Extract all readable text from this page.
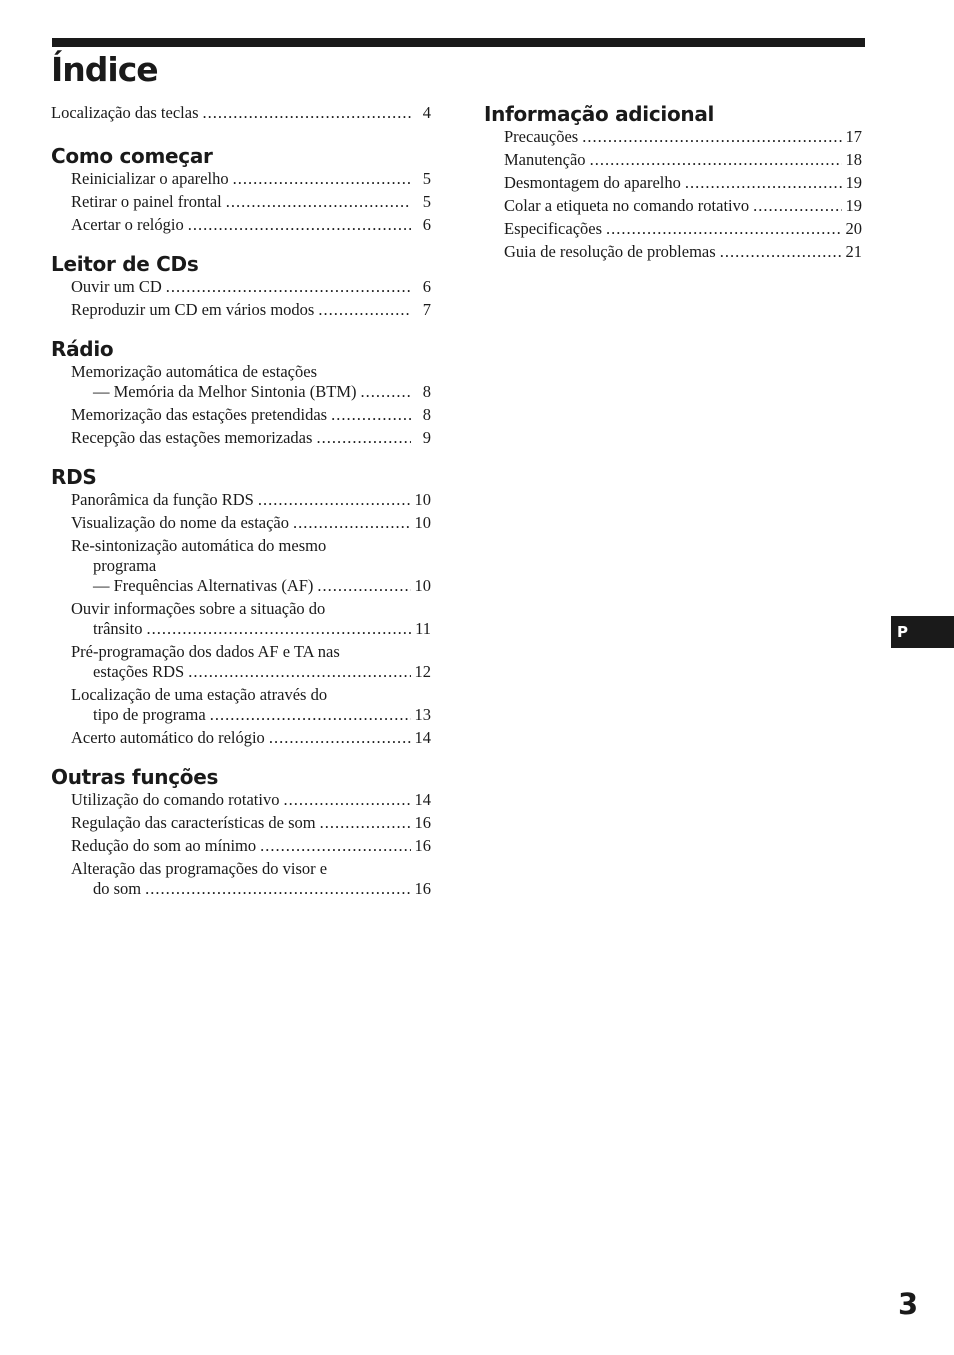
Índice
Localização das teclas .....	4
Como começar
Reinicializar o aparelho .....	5
Retirar o painel frontal .....	5
Acertar o relógio .....	6
Leitor de CDs
Ouvir um CD .....	6
Reproduzir um CD em vários modos .....	7
Rádio
Memorização automática de estações
— Memória da Melhor Sintonia (BTM) .....	8
Memorização das estações pretendidas .....	8
Recepção das estações memorizadas .....	9
RDS
Panorâmica da função RDS .....	10
Visualização do nome da estação .....	10
Re-sintonização automática do mesmo
programa
— Frequências Alternativas (AF) .....	10
Ouvir informações sobre a situação do
trânsito .....	11
Pré-programação dos dados AF e TA nas
estações RDS .....	12
Localização de uma estação através do
tipo de programa .....	13
Acerto automático do relógio .....	14
Outras funções
Utilização do comando rotativo .....	14
Regulação das características de som .....	16
Redução do som ao mínimo .....	16
Alteração das programações do visor e
do som .....	16
Informação adicional
Precauções .....	17
Manutenção .....	18
Desmontagem do aparelho .....	19
Colar a etiqueta no comando rotativo .....	19
Especificações .....	20
Guia de resolução de problemas .....	21
P
3
